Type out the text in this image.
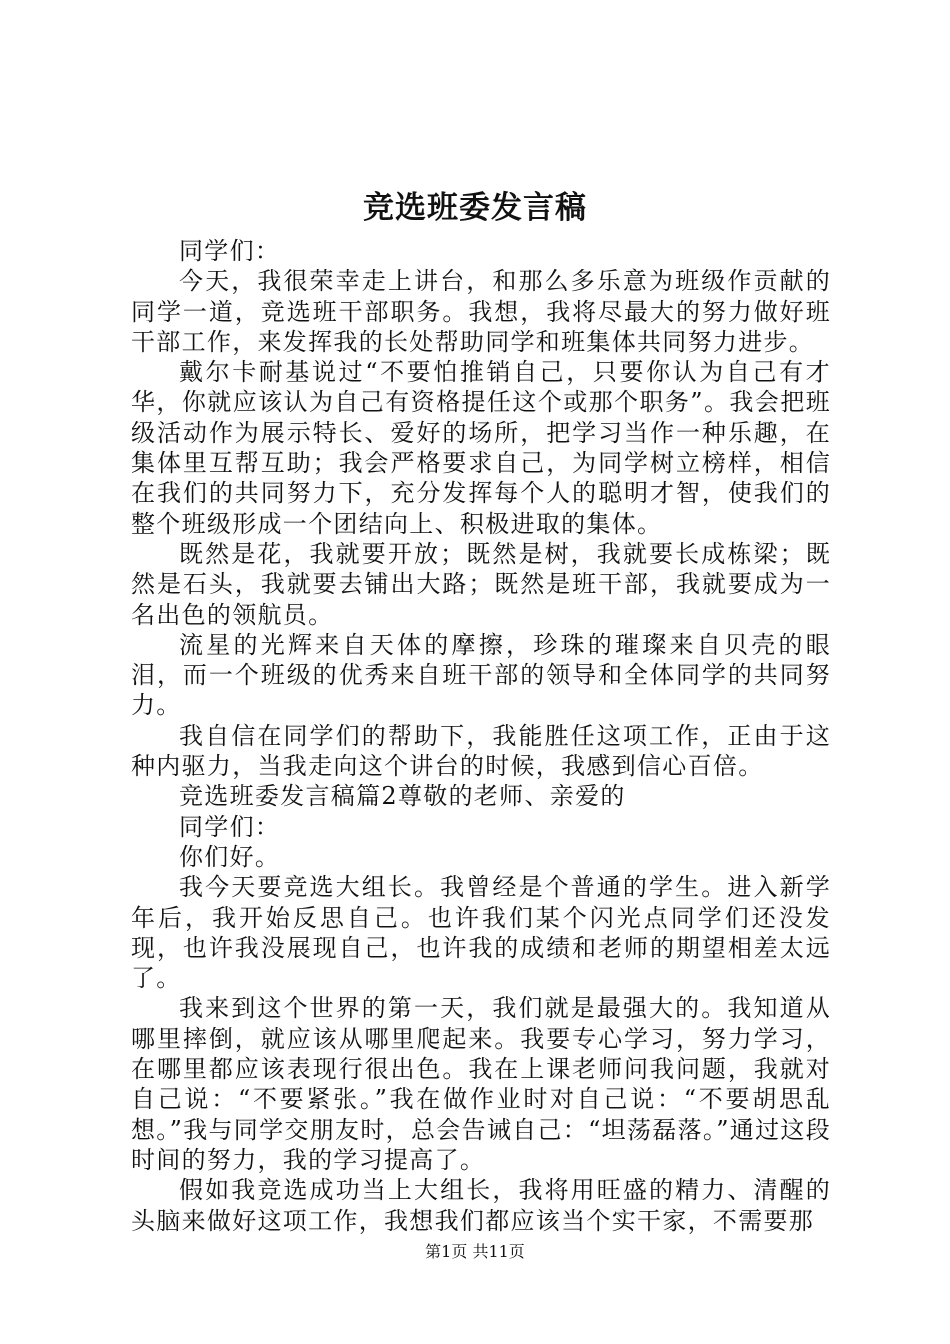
竞选班委发言稿

同学们：

今天，我很荣幸走上讲台，和那么多乐意为班级作贡献的同学一道，竞选班干部职务。我想，我将尽最大的努力做好班干部工作，来发挥我的长处帮助同学和班集体共同努力进步。

戴尔卡耐基说过“不要怕推销自己，只要你认为自己有才华，你就应该认为自己有资格提任这个或那个职务”。我会把班级活动作为展示特长、爱好的场所，把学习当作一种乐趣，在集体里互帮互助；我会严格要求自己，为同学树立榜样，相信在我们的共同努力下，充分发挥每个人的聪明才智，使我们的整个班级形成一个团结向上、积极进取的集体。

既然是花，我就要开放；既然是树，我就要长成栋梁；既然是石头，我就要去铺出大路；既然是班干部，我就要成为一名出色的领航员。

流星的光辉来自天体的摩擦，珍珠的璀璨来自贝壳的眼泪，而一个班级的优秀来自班干部的领导和全体同学的共同努力。

我自信在同学们的帮助下，我能胜任这项工作，正由于这种内驱力，当我走向这个讲台的时候，我感到信心百倍。

竞选班委发言稿篇2尊敬的老师、亲爱的

同学们：

你们好。

我今天要竞选大组长。我曾经是个普通的学生。进入新学年后，我开始反思自己。也许我们某个闪光点同学们还没发现，也许我没展现自己，也许我的成绩和老师的期望相差太远了。

我来到这个世界的第一天，我们就是最强大的。我知道从哪里摔倒，就应该从哪里爬起来。我要专心学习，努力学习，在哪里都应该表现行很出色。我在上课老师问我问题，我就对自己说：“不要紧张。”我在做作业时对自己说：“不要胡思乱想。”我与同学交朋友时，总会告诫自己：“坦荡磊落。”通过这段时间的努力，我的学习提高了。

假如我竞选成功当上大组长，我将用旺盛的精力、清醒的头脑来做好这项工作，我想我们都应该当个实干家，不需要那

第1页 共11页
